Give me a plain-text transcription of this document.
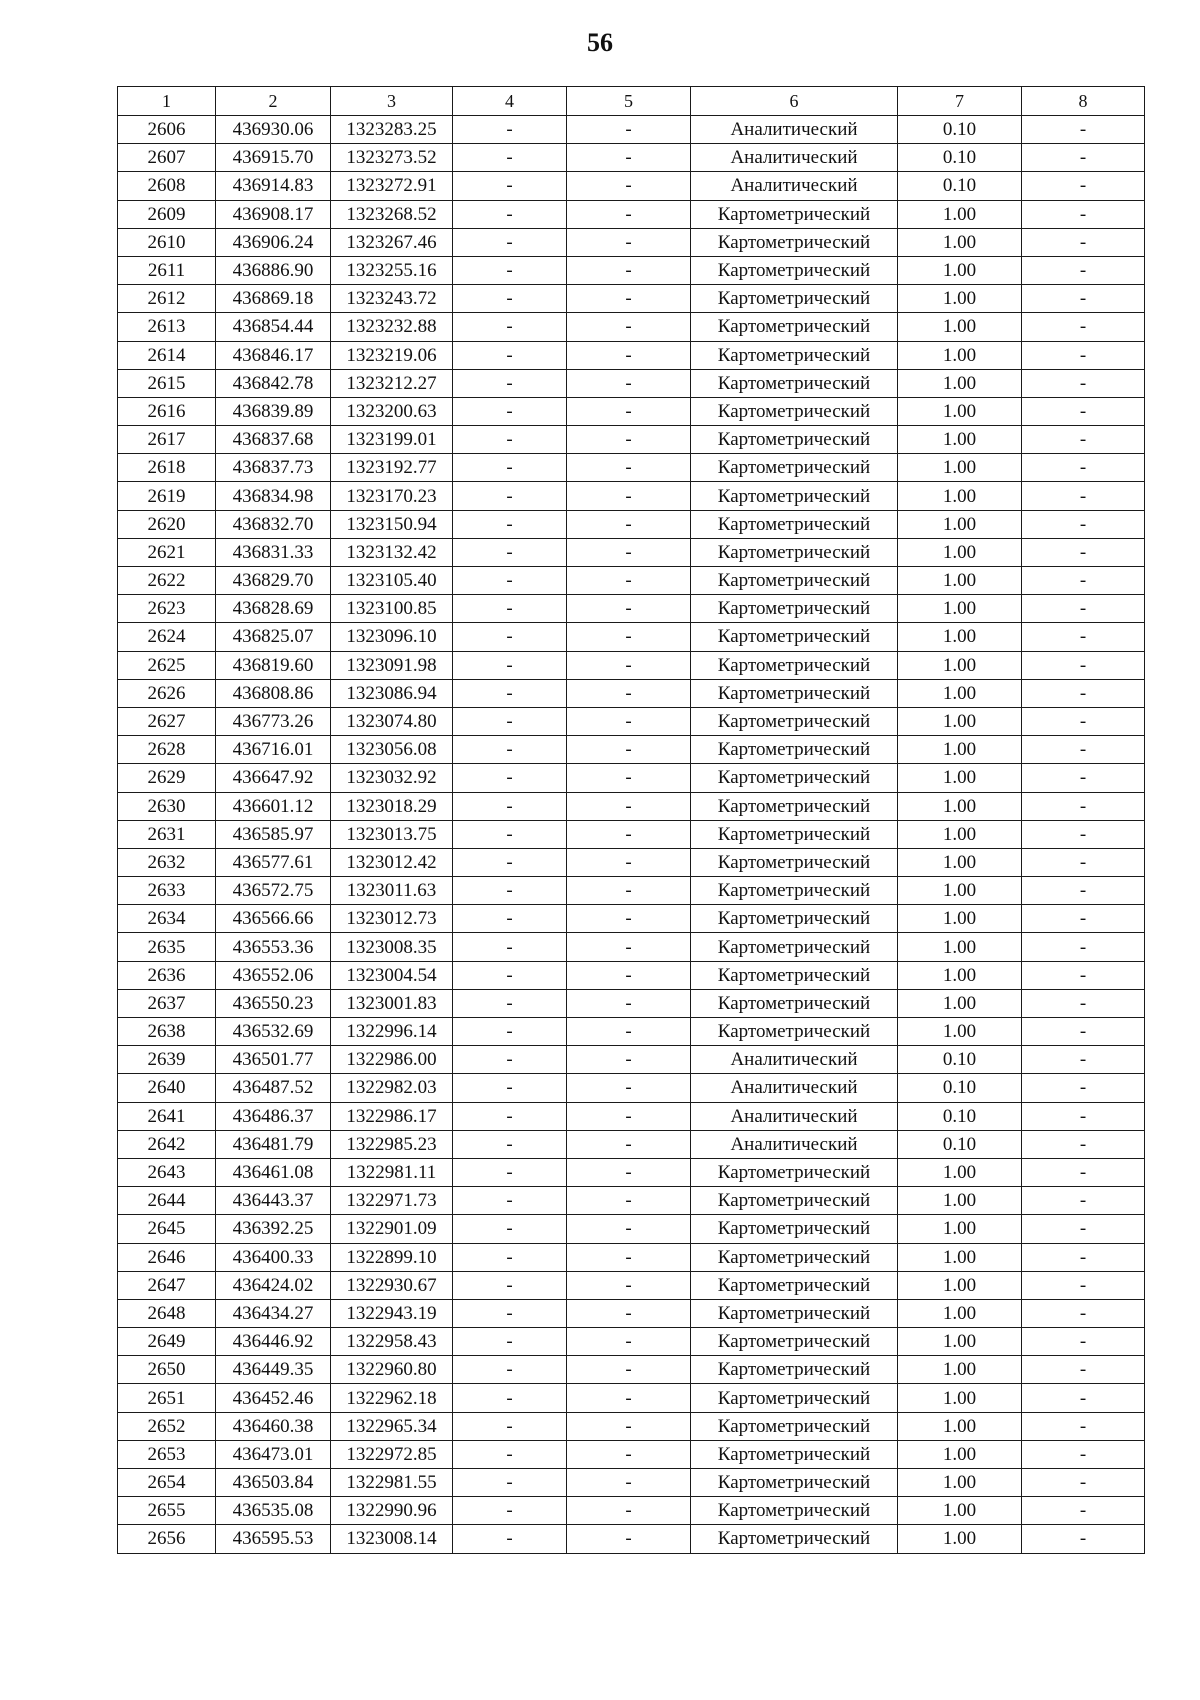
56
1	2	3	4	5	6	7	8
2606	436930.06	1323283.25	-	-	Аналитический	0.10	-
2607	436915.70	1323273.52	-	-	Аналитический	0.10	-
2608	436914.83	1323272.91	-	-	Аналитический	0.10	-
2609	436908.17	1323268.52	-	-	Картометрический	1.00	-
2610	436906.24	1323267.46	-	-	Картометрический	1.00	-
2611	436886.90	1323255.16	-	-	Картометрический	1.00	-
2612	436869.18	1323243.72	-	-	Картометрический	1.00	-
2613	436854.44	1323232.88	-	-	Картометрический	1.00	-
2614	436846.17	1323219.06	-	-	Картометрический	1.00	-
2615	436842.78	1323212.27	-	-	Картометрический	1.00	-
2616	436839.89	1323200.63	-	-	Картометрический	1.00	-
2617	436837.68	1323199.01	-	-	Картометрический	1.00	-
2618	436837.73	1323192.77	-	-	Картометрический	1.00	-
2619	436834.98	1323170.23	-	-	Картометрический	1.00	-
2620	436832.70	1323150.94	-	-	Картометрический	1.00	-
2621	436831.33	1323132.42	-	-	Картометрический	1.00	-
2622	436829.70	1323105.40	-	-	Картометрический	1.00	-
2623	436828.69	1323100.85	-	-	Картометрический	1.00	-
2624	436825.07	1323096.10	-	-	Картометрический	1.00	-
2625	436819.60	1323091.98	-	-	Картометрический	1.00	-
2626	436808.86	1323086.94	-	-	Картометрический	1.00	-
2627	436773.26	1323074.80	-	-	Картометрический	1.00	-
2628	436716.01	1323056.08	-	-	Картометрический	1.00	-
2629	436647.92	1323032.92	-	-	Картометрический	1.00	-
2630	436601.12	1323018.29	-	-	Картометрический	1.00	-
2631	436585.97	1323013.75	-	-	Картометрический	1.00	-
2632	436577.61	1323012.42	-	-	Картометрический	1.00	-
2633	436572.75	1323011.63	-	-	Картометрический	1.00	-
2634	436566.66	1323012.73	-	-	Картометрический	1.00	-
2635	436553.36	1323008.35	-	-	Картометрический	1.00	-
2636	436552.06	1323004.54	-	-	Картометрический	1.00	-
2637	436550.23	1323001.83	-	-	Картометрический	1.00	-
2638	436532.69	1322996.14	-	-	Картометрический	1.00	-
2639	436501.77	1322986.00	-	-	Аналитический	0.10	-
2640	436487.52	1322982.03	-	-	Аналитический	0.10	-
2641	436486.37	1322986.17	-	-	Аналитический	0.10	-
2642	436481.79	1322985.23	-	-	Аналитический	0.10	-
2643	436461.08	1322981.11	-	-	Картометрический	1.00	-
2644	436443.37	1322971.73	-	-	Картометрический	1.00	-
2645	436392.25	1322901.09	-	-	Картометрический	1.00	-
2646	436400.33	1322899.10	-	-	Картометрический	1.00	-
2647	436424.02	1322930.67	-	-	Картометрический	1.00	-
2648	436434.27	1322943.19	-	-	Картометрический	1.00	-
2649	436446.92	1322958.43	-	-	Картометрический	1.00	-
2650	436449.35	1322960.80	-	-	Картометрический	1.00	-
2651	436452.46	1322962.18	-	-	Картометрический	1.00	-
2652	436460.38	1322965.34	-	-	Картометрический	1.00	-
2653	436473.01	1322972.85	-	-	Картометрический	1.00	-
2654	436503.84	1322981.55	-	-	Картометрический	1.00	-
2655	436535.08	1322990.96	-	-	Картометрический	1.00	-
2656	436595.53	1323008.14	-	-	Картометрический	1.00	-
